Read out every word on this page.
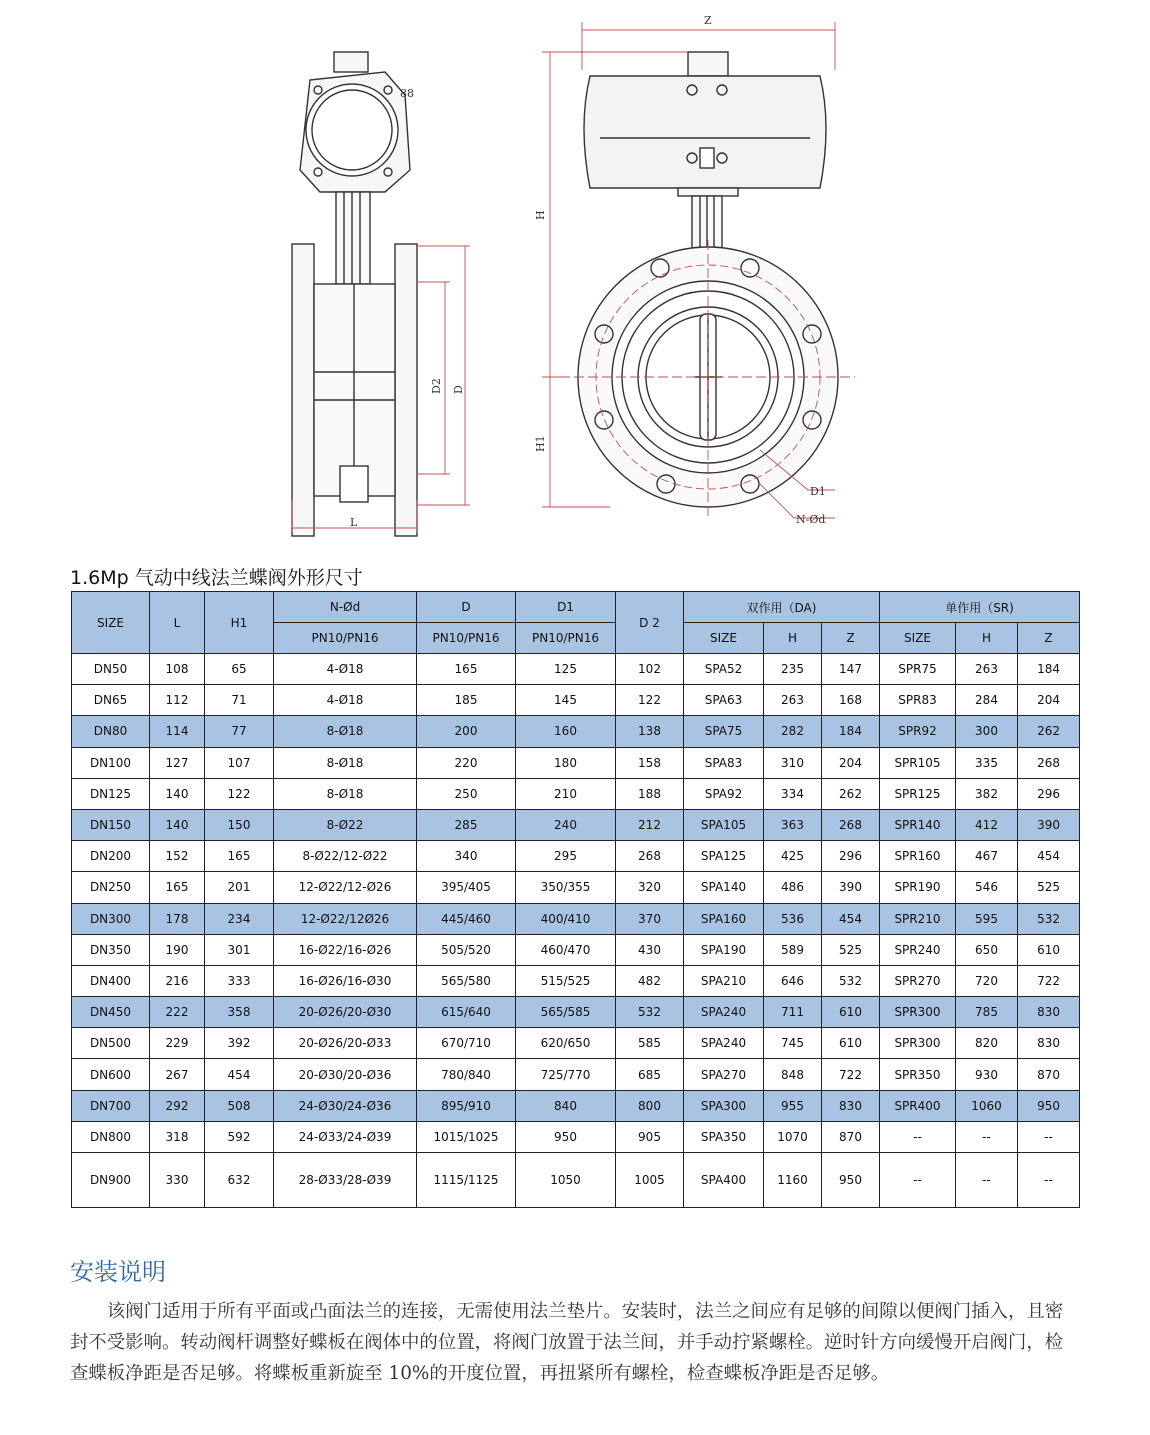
D2 D
L
88
Z
H
H1
D1
N-Ød
1.6Mp 气动中线法兰蝶阀外形尺寸
SIZE	L	H1	N-Ød	D	D1	D 2	双作用（DA)			单作用（SR)		
			PN10/PN16	PN10/PN16	PN10/PN16		SIZE	H	Z	SIZE	H	Z
DN50	108	65	4-Ø18	165	125	102	SPA52	235	147	SPR75	263	184
DN65	112	71	4-Ø18	185	145	122	SPA63	263	168	SPR83	284	204
DN80	114	77	8-Ø18	200	160	138	SPA75	282	184	SPR92	300	262
DN100	127	107	8-Ø18	220	180	158	SPA83	310	204	SPR105	335	268
DN125	140	122	8-Ø18	250	210	188	SPA92	334	262	SPR125	382	296
DN150	140	150	8-Ø22	285	240	212	SPA105	363	268	SPR140	412	390
DN200	152	165	8-Ø22/12-Ø22	340	295	268	SPA125	425	296	SPR160	467	454
DN250	165	201	12-Ø22/12-Ø26	395/405	350/355	320	SPA140	486	390	SPR190	546	525
DN300	178	234	12-Ø22/12Ø26	445/460	400/410	370	SPA160	536	454	SPR210	595	532
DN350	190	301	16-Ø22/16-Ø26	505/520	460/470	430	SPA190	589	525	SPR240	650	610
DN400	216	333	16-Ø26/16-Ø30	565/580	515/525	482	SPA210	646	532	SPR270	720	722
DN450	222	358	20-Ø26/20-Ø30	615/640	565/585	532	SPA240	711	610	SPR300	785	830
DN500	229	392	20-Ø26/20-Ø33	670/710	620/650	585	SPA240	745	610	SPR300	820	830
DN600	267	454	20-Ø30/20-Ø36	780/840	725/770	685	SPA270	848	722	SPR350	930	870
DN700	292	508	24-Ø30/24-Ø36	895/910	840	800	SPA300	955	830	SPR400	1060	950
DN800	318	592	24-Ø33/24-Ø39	1015/1025	950	905	SPA350	1070	870	--	--	--
DN900	330	632	28-Ø33/28-Ø39	1115/1125	1050	1005	SPA400	1160	950	--	--	--
安装说明

该阀门适用于所有平面或凸面法兰的连接，无需使用法兰垫片。安装时，法兰之间应有足够的间隙以便阀门插入，且密封不受影响。转动阀杆调整好蝶板在阀体中的位置，将阀门放置于法兰间，并手动拧紧螺栓。逆时针方向缓慢开启阀门，检查蝶板净距是否足够。将蝶板重新旋至 10%的开度位置，再扭紧所有螺栓，检查蝶板净距是否足够。
